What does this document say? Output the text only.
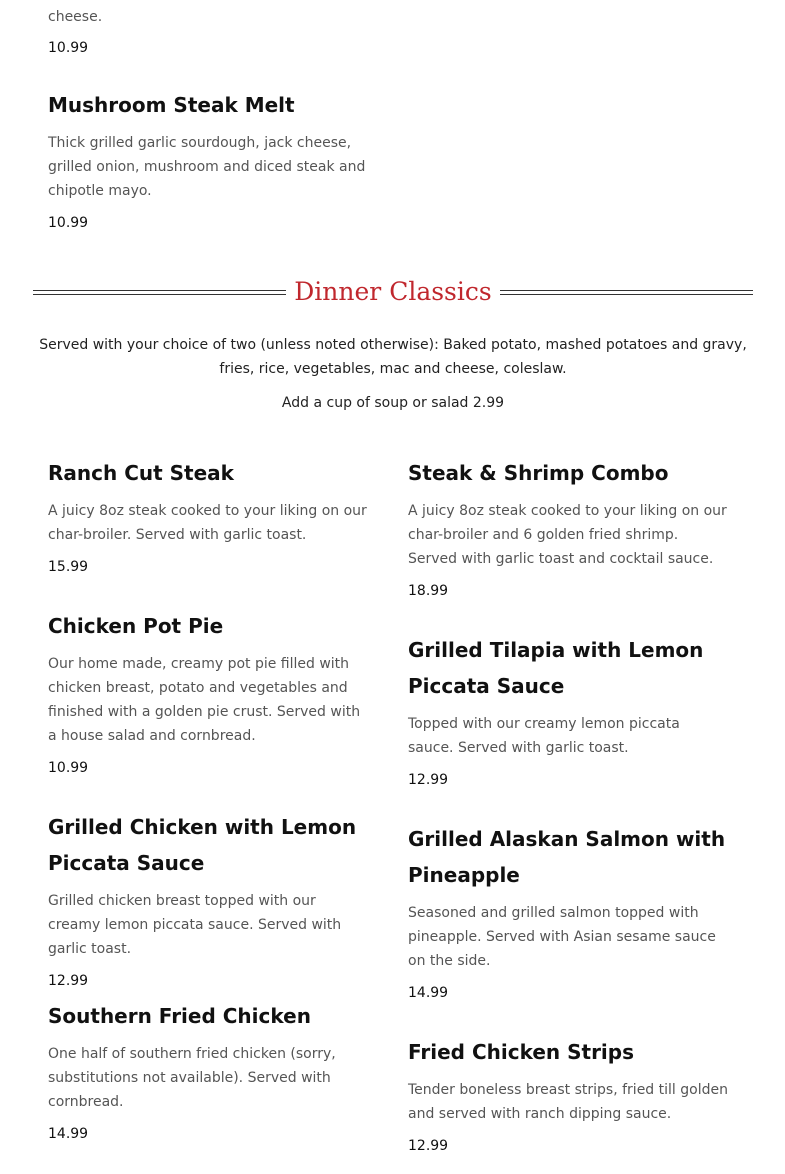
cheese.
10.99
Mushroom Steak Melt
Thick grilled garlic sourdough, jack cheese, grilled onion, mushroom and diced steak and chipotle mayo.
10.99
Dinner Classics
Served with your choice of two (unless noted otherwise): Baked potato, mashed potatoes and gravy, fries, rice, vegetables, mac and cheese, coleslaw.
Add a cup of soup or salad 2.99
Ranch Cut Steak
A juicy 8oz steak cooked to your liking on our char-broiler. Served with garlic toast.
15.99
Chicken Pot Pie
Our home made, creamy pot pie filled with chicken breast, potato and vegetables and finished with a golden pie crust. Served with a house salad and cornbread.
10.99
Grilled Chicken with Lemon Piccata Sauce
Grilled chicken breast topped with our creamy lemon piccata sauce. Served with garlic toast.
12.99
Southern Fried Chicken
One half of southern fried chicken (sorry, substitutions not available). Served with cornbread.
14.99
Steak & Shrimp Combo
A juicy 8oz steak cooked to your liking on our char-broiler and 6 golden fried shrimp. Served with garlic toast and cocktail sauce.
18.99
Grilled Tilapia with Lemon Piccata Sauce
Topped with our creamy lemon piccata sauce. Served with garlic toast.
12.99
Grilled Alaskan Salmon with Pineapple
Seasoned and grilled salmon topped with pineapple. Served with Asian sesame sauce on the side.
14.99
Fried Chicken Strips
Tender boneless breast strips, fried till golden and served with ranch dipping sauce.
12.99
